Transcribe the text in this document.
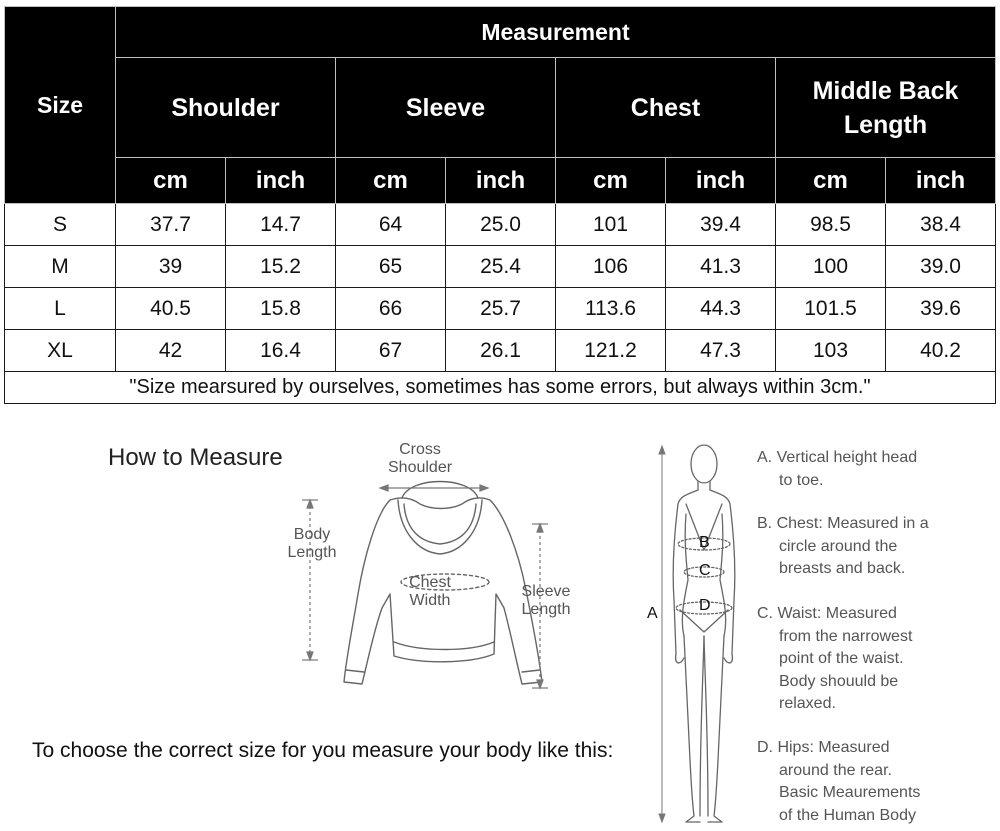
Size	Measurement							
	Shoulder		Sleeve		Chest		Middle Back Length	
	cm	inch	cm	inch	cm	inch	cm	inch
S	37.7	14.7	64	25.0	101	39.4	98.5	38.4
M	39	15.2	65	25.4	106	41.3	100	39.0
L	40.5	15.8	66	25.7	113.6	44.3	101.5	39.6
XL	42	16.4	67	26.1	121.2	47.3	103	40.2
"Size mearsured by ourselves, sometimes has some errors, but always within 3cm."								
How to Measure	Cross
Shoulder
Body
Length
Chest
Width
Sleeve
Length
To choose the correct size for you measure your body like this:
A
B
C
D
A. Vertical height head
to toe.
B. Chest: Measured in a
circle around the
breasts and back.
C. Waist: Measured
from the narrowest
point of the waist.
Body shouuld be
relaxed.
D. Hips: Measured
around the rear.
Basic Meaurements
of the Human Body
